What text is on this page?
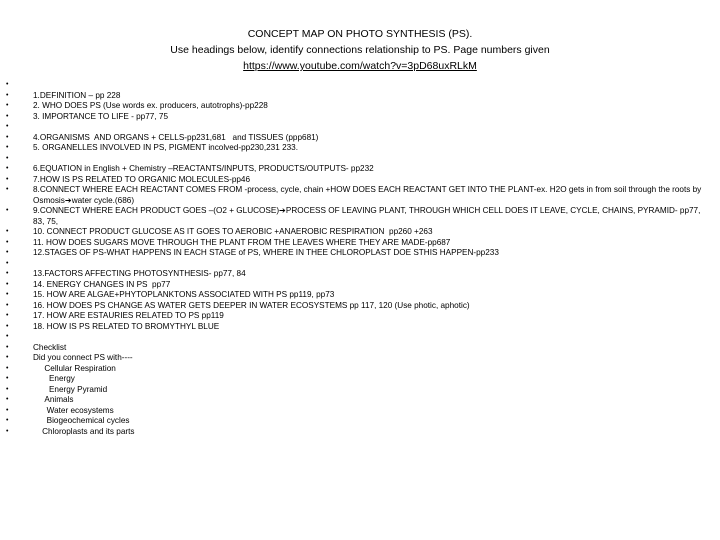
CONCEPT MAP ON PHOTO SYNTHESIS (PS).
Use headings below, identify connections relationship to PS. Page numbers given
https://www.youtube.com/watch?v=3pD68uxRLkM
•
•	1.DEFINITION – pp 228
•	2. WHO DOES PS (Use words ex. producers, autotrophs)-pp228
•	3. IMPORTANCE TO LIFE - pp77, 75
•
•	4.ORGANISMS  AND ORGANS + CELLS-pp231,681   and TISSUES (ppp681)
•	5. ORGANELLES INVOLVED IN PS, PIGMENT incolved-pp230,231 233.
•
•	6.EQUATION in English + Chemistry –REACTANTS/INPUTS, PRODUCTS/OUTPUTS- pp232
•	7.HOW IS PS RELATED TO ORGANIC MOLECULES-pp46
•	8.CONNECT WHERE EACH REACTANT COMES FROM -process, cycle, chain +HOW DOES EACH REACTANT GET INTO THE PLANT-ex. H2O gets in from soil through the roots by Osmosis➔water cycle.(686)
•	9.CONNECT WHERE EACH PRODUCT GOES –(O2 + GLUCOSE)➔PROCESS OF LEAVING PLANT, THROUGH WHICH CELL DOES IT LEAVE, CYCLE, CHAINS, PYRAMID- pp77, 83, 75,
•	10. CONNECT PRODUCT GLUCOSE AS IT GOES TO AEROBIC +ANAEROBIC RESPIRATION  pp260 +263
•	11. HOW DOES SUGARS MOVE THROUGH THE PLANT FROM THE LEAVES WHERE THEY ARE MADE-pp687
•	12.STAGES OF PS-WHAT HAPPENS IN EACH STAGE of PS, WHERE IN THEE CHLOROPLAST DOE STHIS HAPPEN-pp233
•
•	13.FACTORS AFFECTING PHOTOSYNTHESIS- pp77, 84
•	14. ENERGY CHANGES IN PS  pp77
•	15. HOW ARE ALGAE+PHYTOPLANKTONS ASSOCIATED WITH PS pp119, pp73
•	16. HOW DOES PS CHANGE AS WATER GETS DEEPER IN WATER ECOSYSTEMS pp 117, 120 (Use photic, aphotic)
•	17. HOW ARE ESTAURIES RELATED TO PS pp119
•	18. HOW IS PS RELATED TO BROMYTHYL BLUE
•
•	Checklist
•	Did you connect PS with----
•	Cellular Respiration
•	Energy
•	Energy Pyramid
•	Animals
•	Water ecosystems
•	Biogeochemical cycles
•	Chloroplasts and its parts
